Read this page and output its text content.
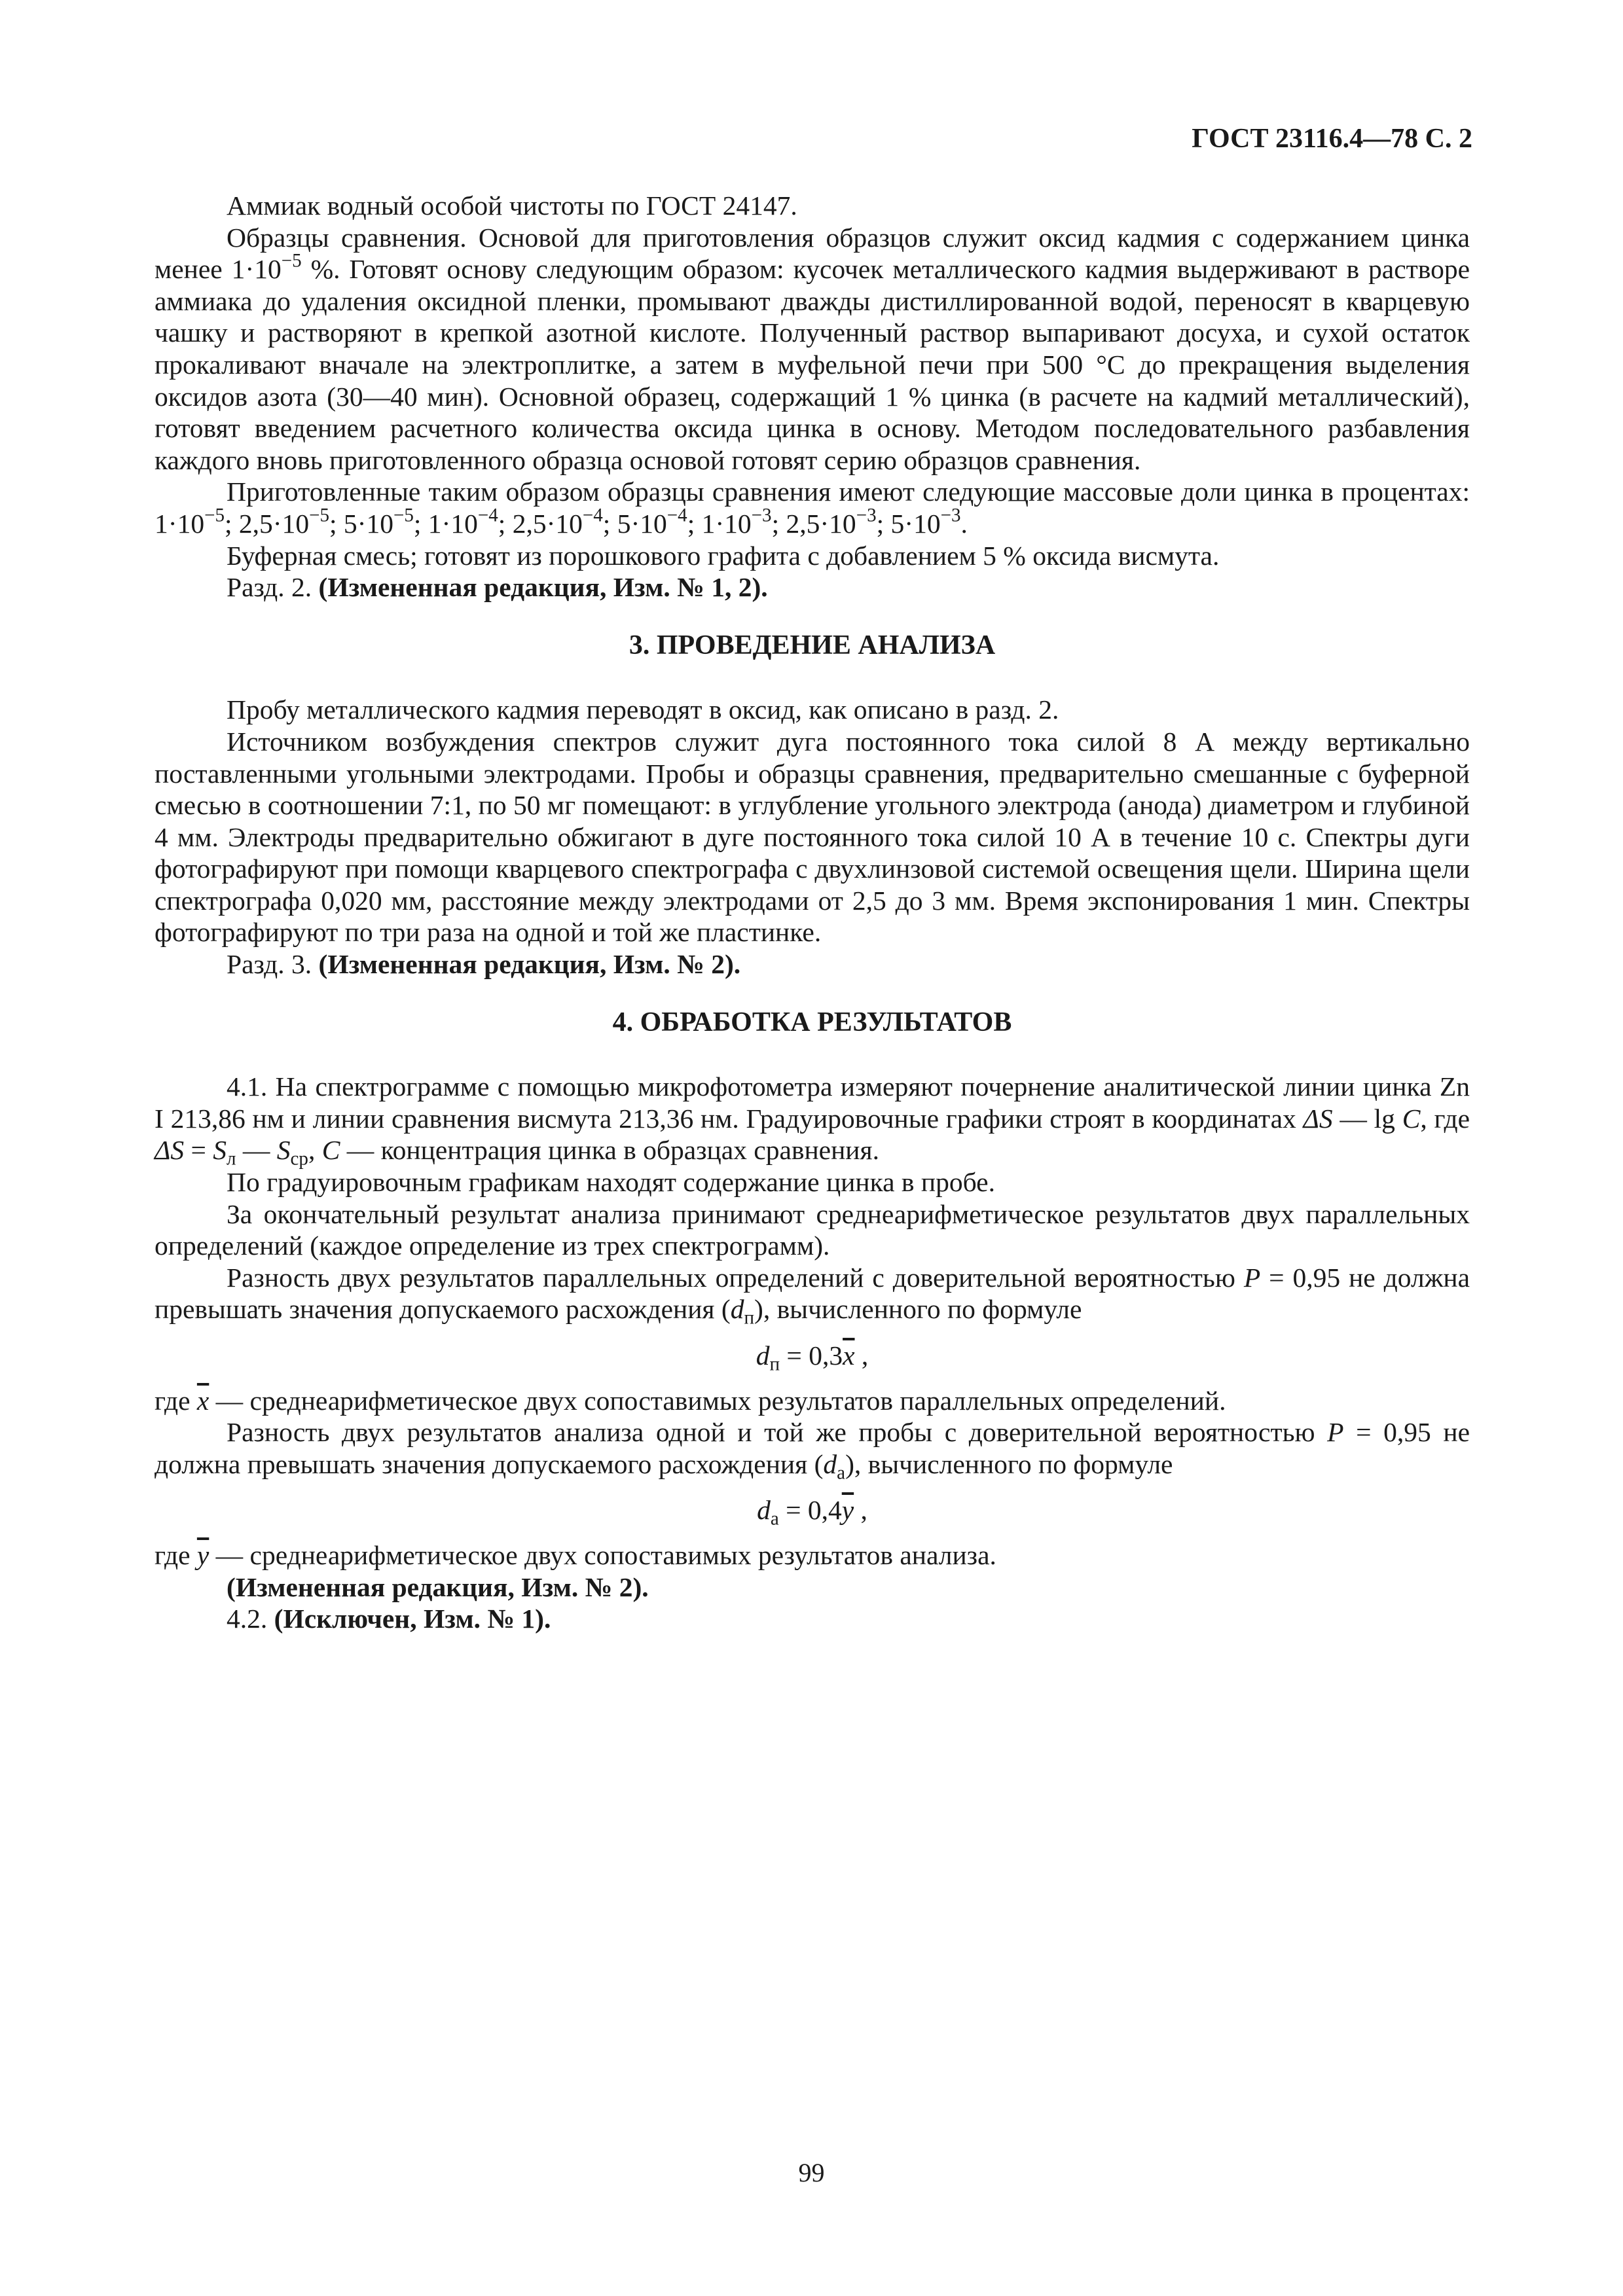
ГОСТ 23116.4—78 С. 2

Аммиак водный особой чистоты по ГОСТ 24147.

Образцы сравнения. Основой для приготовления образцов служит оксид кадмия с содержанием цинка менее $1\cdot 10^{-5}$ %. Готовят основу следующим образом: кусочек металлического кадмия выдерживают в растворе аммиака до удаления оксидной пленки, промывают дважды дистиллированной водой, переносят в кварцевую чашку и растворяют в крепкой азотной кислоте. Полученный раствор выпаривают досуха, и сухой остаток прокаливают вначале на электроплитке, а затем в муфельной печи при 500 °С до прекращения выделения оксидов азота (30—40 мин). Основной образец, содержащий 1 % цинка (в расчете на кадмий металлический), готовят введением расчетного количества оксида цинка в основу. Методом последовательного разбавления каждого вновь приготовленного образца основой готовят серию образцов сравнения.

Приготовленные таким образом образцы сравнения имеют следующие массовые доли цинка в процентах: $1\cdot 10^{-5}$; $2,5\cdot 10^{-5}$; $5\cdot 10^{-5}$; $1\cdot 10^{-4}$; $2,5\cdot 10^{-4}$; $5\cdot 10^{-4}$; $1\cdot 10^{-3}$; $2,5\cdot 10^{-3}$; $5\cdot 10^{-3}$.

Буферная смесь; готовят из порошкового графита с добавлением 5 % оксида висмута.

Разд. 2. (Измененная редакция, Изм. № 1, 2).

3. ПРОВЕДЕНИЕ АНАЛИЗА

Пробу металлического кадмия переводят в оксид, как описано в разд. 2.

Источником возбуждения спектров служит дуга постоянного тока силой 8 А между вертикально поставленными угольными электродами. Пробы и образцы сравнения, предварительно смешанные с буферной смесью в соотношении 7:1, по 50 мг помещают: в углубление угольного электрода (анода) диаметром и глубиной 4 мм. Электроды предварительно обжигают в дуге постоянного тока силой 10 А в течение 10 с. Спектры дуги фотографируют при помощи кварцевого спектрографа с двухлинзовой системой освещения щели. Ширина щели спектрографа 0,020 мм, расстояние между электродами от 2,5 до 3 мм. Время экспонирования 1 мин. Спектры фотографируют по три раза на одной и той же пластинке.

Разд. 3. (Измененная редакция, Изм. № 2).

4. ОБРАБОТКА РЕЗУЛЬТАТОВ

4.1. На спектрограмме с помощью микрофотометра измеряют почернение аналитической линии цинка Zn I 213,86 нм и линии сравнения висмута 213,36 нм. Градуировочные графики строят в координатах ΔS — lg C, где $\Delta S = S_л$ — $S_{ср}$, C — концентрация цинка в образцах сравнения.

По градуировочным графикам находят содержание цинка в пробе.

За окончательный результат анализа принимают среднеарифметическое результатов двух параллельных определений (каждое определение из трех спектрограмм).

Разность двух результатов параллельных определений с доверительной вероятностью P = 0,95 не должна превышать значения допускаемого расхождения $(d_п)$, вычисленного по формуле

$d_п = 0,3\overline{x}$ ,

где $\overline{x}$ — среднеарифметическое двух сопоставимых результатов параллельных определений.

Разность двух результатов анализа одной и той же пробы с доверительной вероятностью P = 0,95 не должна превышать значения допускаемого расхождения $(d_а)$, вычисленного по формуле

$d_а = 0,4\overline{y}$ ,

где $\overline{y}$ — среднеарифметическое двух сопоставимых результатов анализа.

(Измененная редакция, Изм. № 2).

4.2. (Исключен, Изм. № 1).

99
